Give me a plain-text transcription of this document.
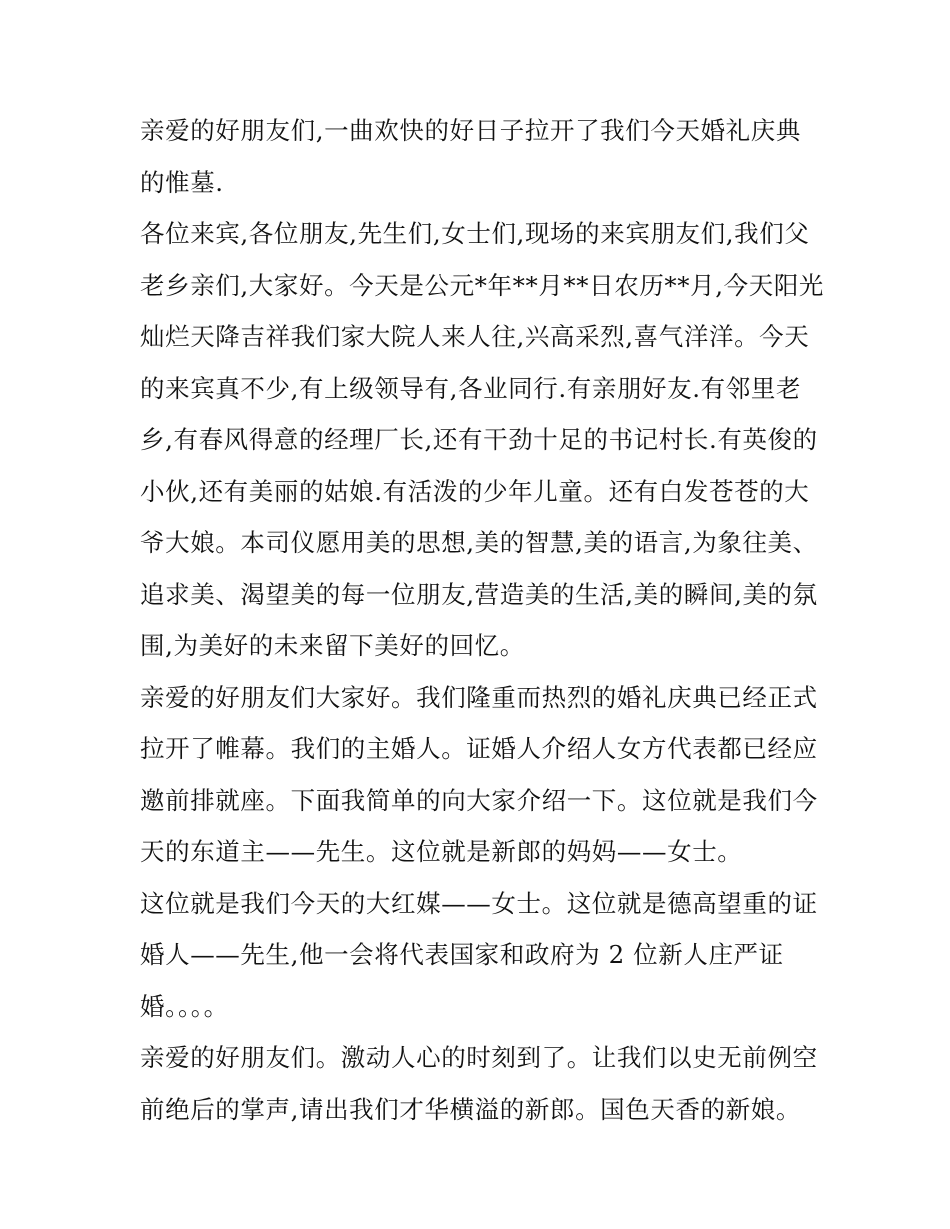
亲爱的好朋友们,一曲欢快的好日子拉开了我们今天婚礼庆典
的惟墓.

各位来宾,各位朋友,先生们,女士们,现场的来宾朋友们,我们父
老乡亲们,大家好。今天是公元*年**月**日农历**月,今天阳光
灿烂天降吉祥我们家大院人来人往,兴高采烈,喜气洋洋。今天
的来宾真不少,有上级领导有,各业同行.有亲朋好友.有邻里老
乡,有春风得意的经理厂长,还有干劲十足的书记村长.有英俊的
小伙,还有美丽的姑娘.有活泼的少年儿童。还有白发苍苍的大
爷大娘。本司仪愿用美的思想,美的智慧,美的语言,为象往美、
追求美、渴望美的每一位朋友,营造美的生活,美的瞬间,美的氛
围,为美好的未来留下美好的回忆。

亲爱的好朋友们大家好。我们隆重而热烈的婚礼庆典已经正式
拉开了帷幕。我们的主婚人。证婚人介绍人女方代表都已经应
邀前排就座。下面我简单的向大家介绍一下。这位就是我们今
天的东道主——先生。这位就是新郎的妈妈——女士。

这位就是我们今天的大红媒——女士。这位就是德高望重的证
婚人——先生,他一会将代表国家和政府为 2 位新人庄严证
婚。。。。

亲爱的好朋友们。激动人心的时刻到了。让我们以史无前例空
前绝后的掌声,请出我们才华横溢的新郎。国色天香的新娘。
